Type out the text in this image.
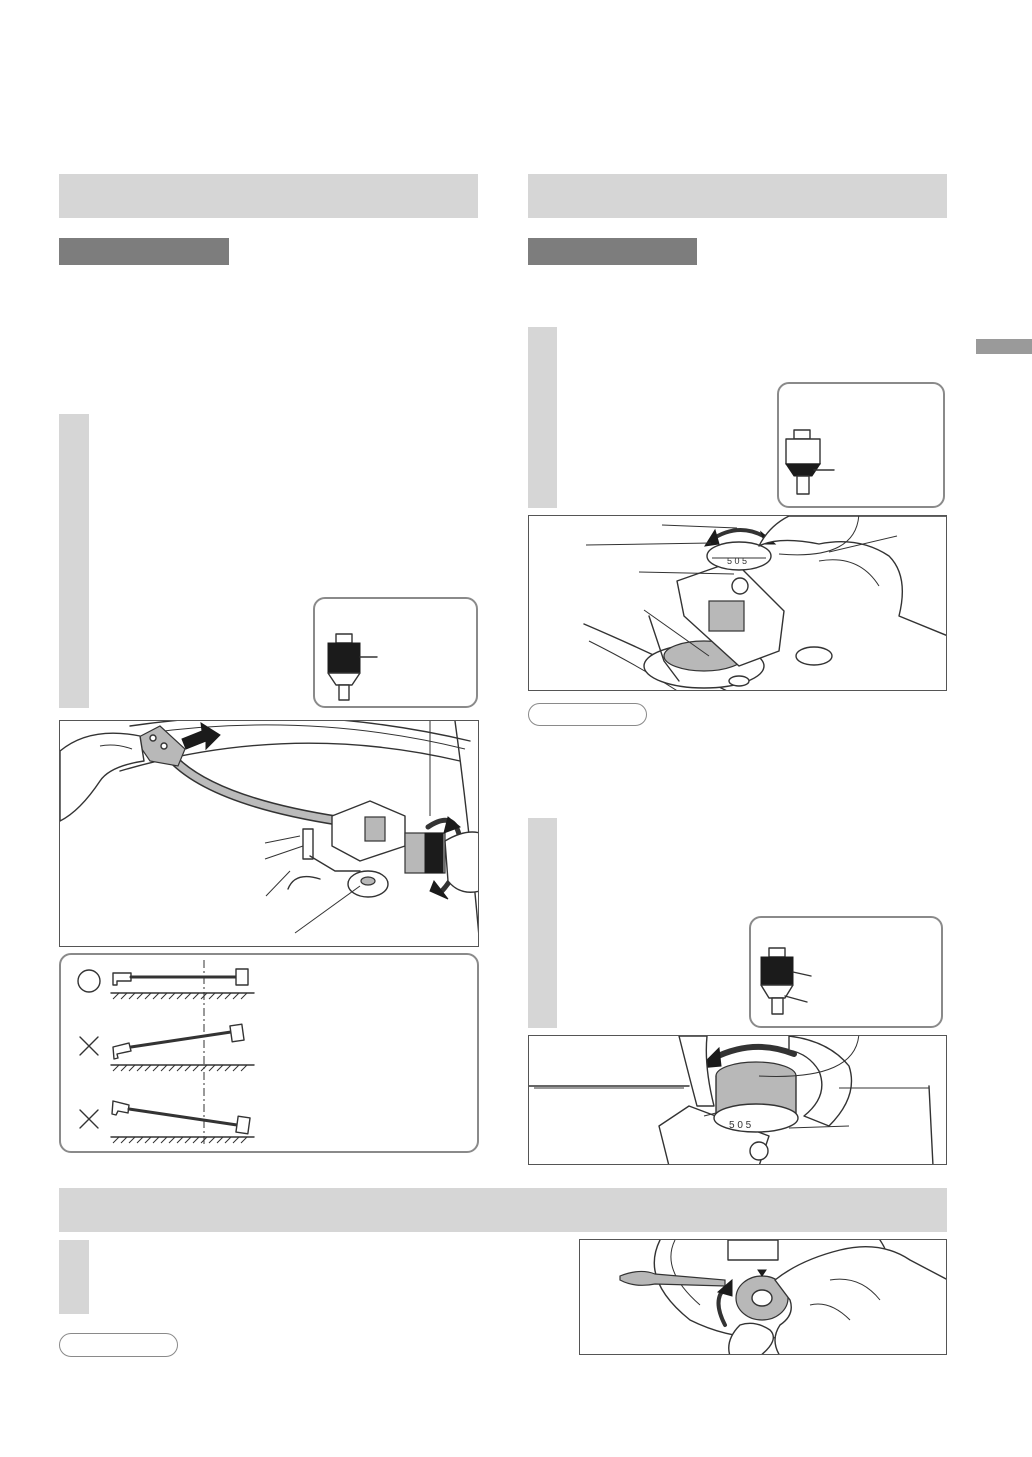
5 0 5
5 0 5
